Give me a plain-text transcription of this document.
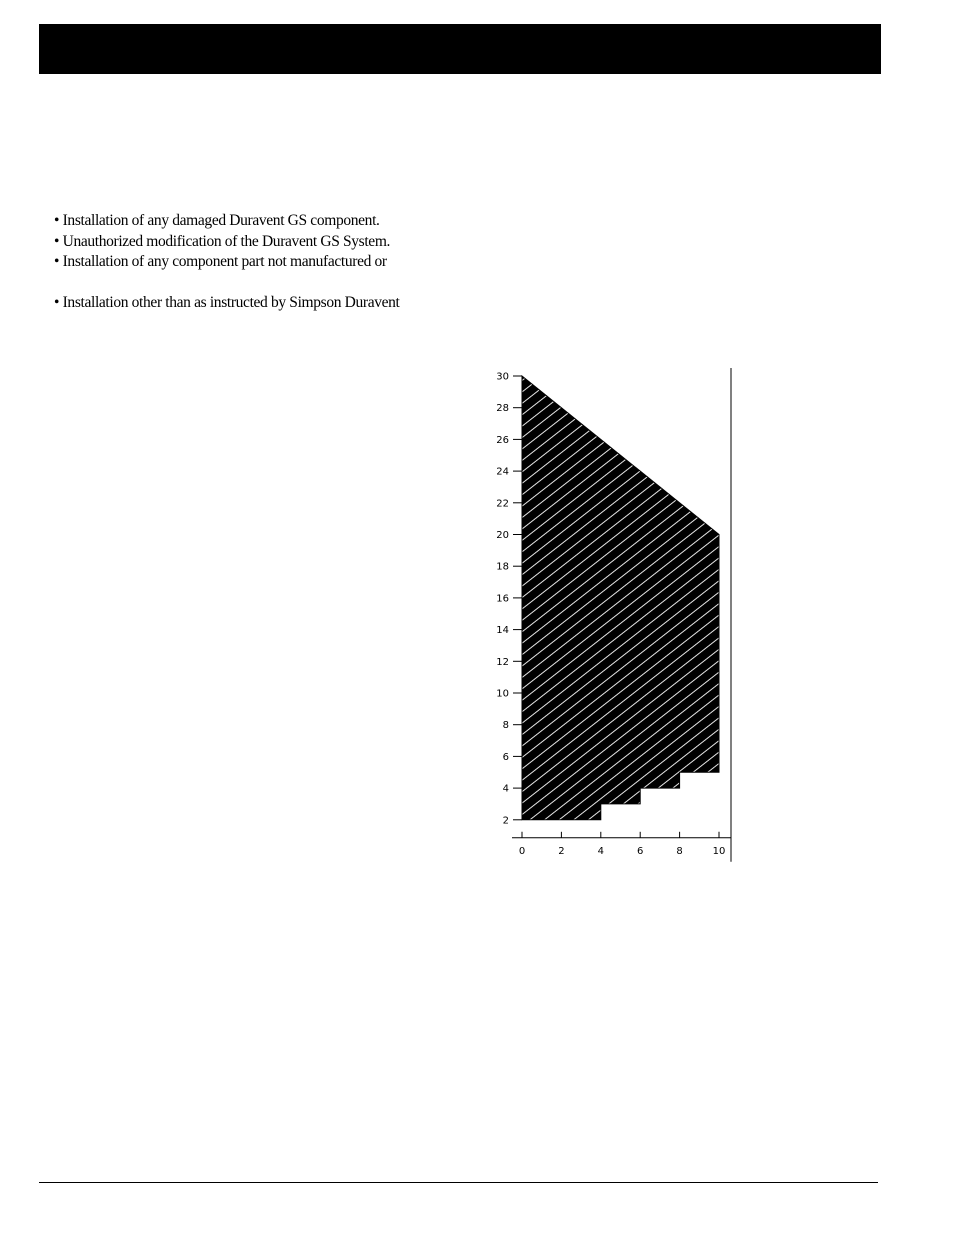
• Installation of any damaged Duravent GS component.
• Unauthorized modification of the Duravent GS System.
• Installation of any component part not manufactured or
• Installation other than as instructed by Simpson Duravent
2
4
6
8
10
12
14
16
18
20
22
24
26
28
30
0	2	4	6	8	10
